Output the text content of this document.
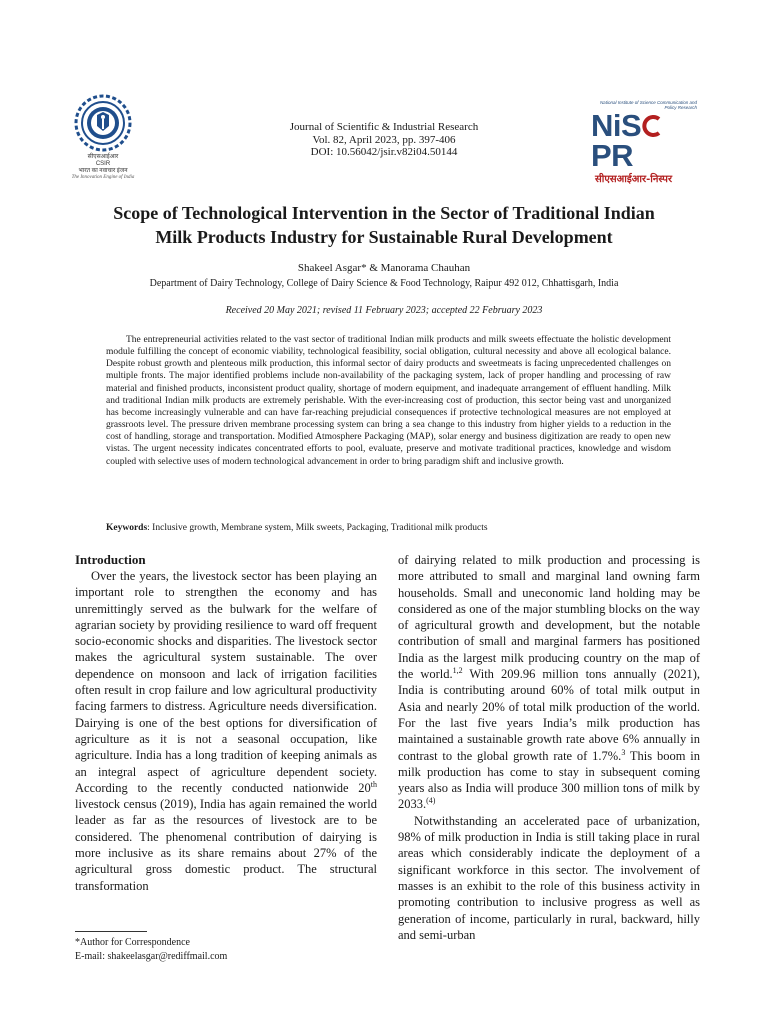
सीएसआईआर
CSIR
भारत का नवाचार इंजन
The Innovation Engine of India
Journal of Scientific & Industrial Research
Vol. 82, April 2023, pp. 397-406
DOI: 10.56042/jsir.v82i04.50144
National Institute of Science Communication and Policy Research
NiSPR
सीएसआईआर-निस्पर
Scope of Technological Intervention in the Sector of Traditional Indian
Milk Products Industry for Sustainable Rural Development
Shakeel Asgar* & Manorama Chauhan
Department of Dairy Technology, College of Dairy Science & Food Technology, Raipur 492 012, Chhattisgarh, India
Received 20 May 2021; revised 11 February 2023; accepted 22 February 2023
The entrepreneurial activities related to the vast sector of traditional Indian milk products and milk sweets effectuate the holistic development module fulfilling the concept of economic viability, technological feasibility, social obligation, cultural necessity and above all ecological balance. Despite robust growth and plenteous milk production, this informal sector of dairy products and sweetmeats is facing unprecedented challenges on multiple fronts. The major identified problems include non-availability of the packaging system, lack of proper handling and processing of raw material and finished products, inconsistent product quality, shortage of modern equipment, and inadequate arrangement of effluent handling. Milk and traditional Indian milk products are extremely perishable. With the ever-increasing cost of production, this sector being vast and unorganized has become increasingly vulnerable and can have far-reaching prejudicial consequences if protective technological measures are not employed at grassroots level. The pressure driven membrane processing system can bring a sea change to this industry from higher yields to a reduction in the cost of handling, storage and transportation. Modified Atmosphere Packaging (MAP), solar energy and business digitization are ready to open new vistas. The urgent necessity indicates concentrated efforts to pool, evaluate, preserve and motivate traditional practices, knowledge and wisdom coupled with selective uses of modern technological advancement in order to bring paradigm shift and inclusive growth.
Keywords: Inclusive growth, Membrane system, Milk sweets, Packaging, Traditional milk products
Introduction

Over the years, the livestock sector has been playing an important role to strengthen the economy and has unremittingly served as the bulwark for the welfare of agrarian society by providing resilience to ward off frequent socio-economic shocks and disparities. The livestock sector makes the agricultural system sustainable. The over dependence on monsoon and lack of irrigation facilities often result in crop failure and low agricultural productivity facing farmers to distress. Agriculture needs diversification. Dairying is one of the best options for diversification of agriculture as it is not a seasonal occupation, like agriculture. India has a long tradition of keeping animals as an integral aspect of agriculture dependent society. According to the recently conducted nationwide 20th livestock census (2019), India has again remained the world leader as far as the resources of livestock are to be considered. The phenomenal contribution of dairying is more inclusive as its share remains about 27% of the agricultural gross domestic product. The structural transformation

of dairying related to milk production and processing is more attributed to small and marginal land owning farm households. Small and uneconomic land holding may be considered as one of the major stumbling blocks on the way of agricultural growth and development, but the notable contribution of small and marginal farmers has positioned India as the largest milk producing country on the map of the world.$^{1,2}$ With 209.96 million tons annually (2021), India is contributing around 60% of total milk output in Asia and nearly 20% of total milk production of the world. For the last five years India’s milk production has maintained a sustainable growth rate above 6% annually in contrast to the global growth rate of 1.7%.$^3$ This boom in milk production has come to stay in subsequent coming years also as India will produce 300 million tons of milk by 2033.$^{(4)}$

Notwithstanding an accelerated pace of urbanization, 98% of milk production in India is still taking place in rural areas which considerably indicate the deployment of a significant workforce in this sector. The involvement of masses is an exhibit to the role of this business activity in promoting contribution to inclusive progress as well as generation of income, particularly in rural, backward, hilly and semi-urban

*Author for Correspondence
E-mail: shakeelasgar@rediffmail.com
